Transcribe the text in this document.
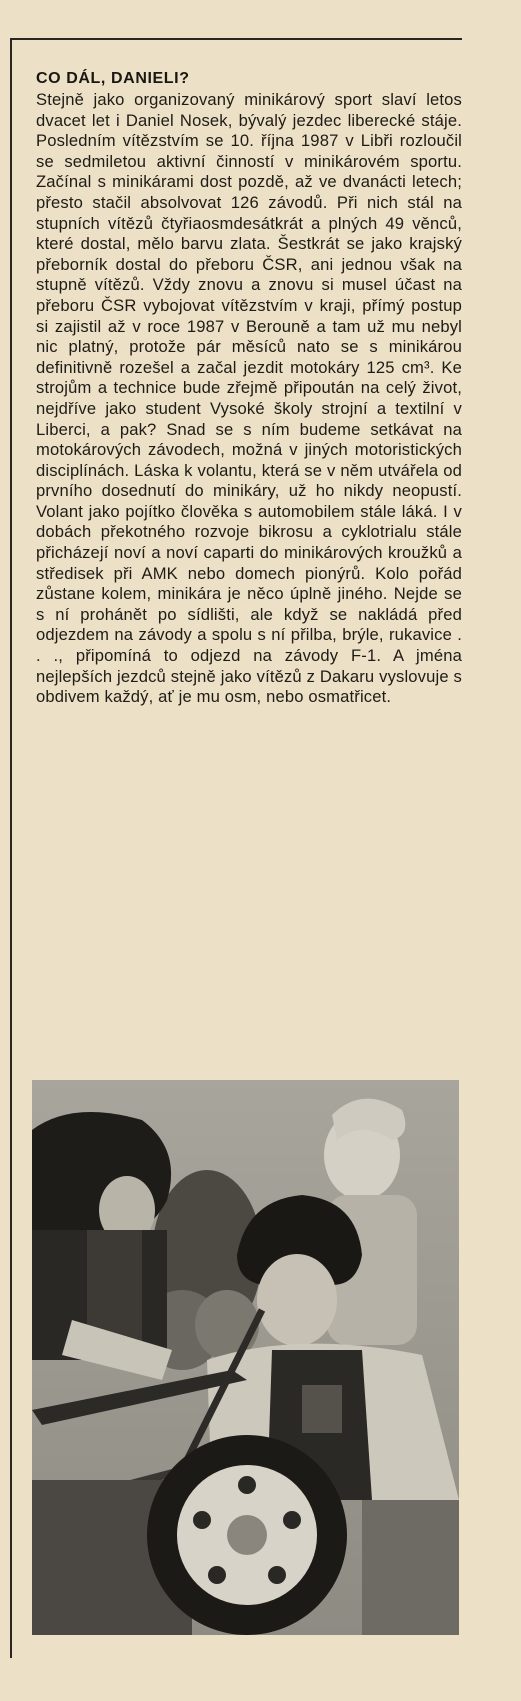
CO DÁL, DANIELI?

Stejně jako organizovaný minikárový sport slaví letos dvacet let i Daniel Nosek, bývalý jezdec liberecké stáje. Posledním vítězstvím se 10. října 1987 v Libři rozloučil se sedmiletou aktivní činností v minikárovém sportu. Začínal s minikárami dost pozdě, až ve dvanácti letech; přesto stačil absolvovat 126 závodů. Při nich stál na stupních vítězů čtyřiaosmdesátkrát a plných 49 věnců, které dostal, mělo barvu zlata. Šestkrát se jako krajský přeborník dostal do přeboru ČSR, ani jednou však na stupně vítězů. Vždy znovu a znovu si musel účast na přeboru ČSR vybojovat vítězstvím v kraji, přímý postup si zajistil až v roce 1987 v Berouně a tam už mu nebyl nic platný, protože pár měsíců nato se s minikárou definitivně rozešel a začal jezdit motokáry 125 cm³. Ke strojům a technice bude zřejmě připoután na celý život, nejdříve jako student Vysoké školy strojní a textilní v Liberci, a pak? Snad se s ním budeme setkávat na motokárových závodech, možná v jiných motoristických disciplínách. Láska k volantu, která se v něm utvářela od prvního dosednutí do minikáry, už ho nikdy neopustí. Volant jako pojítko člověka s automobilem stále láká. I v dobách překotného rozvoje bikrosu a cyklotrialu stále přicházejí noví a noví caparti do minikárových kroužků a středisek při AMK nebo domech pionýrů. Kolo pořád zůstane kolem, minikára je něco úplně jiného. Nejde se s ní prohánět po sídlišti, ale když se nakládá před odjezdem na závody a spolu s ní přilba, brýle, rukavice . . ., připomíná to odjezd na závody F-1. A jména nejlepších jezdců stejně jako vítězů z Dakaru vyslovuje s obdivem každý, ať je mu osm, nebo osmatřicet.
